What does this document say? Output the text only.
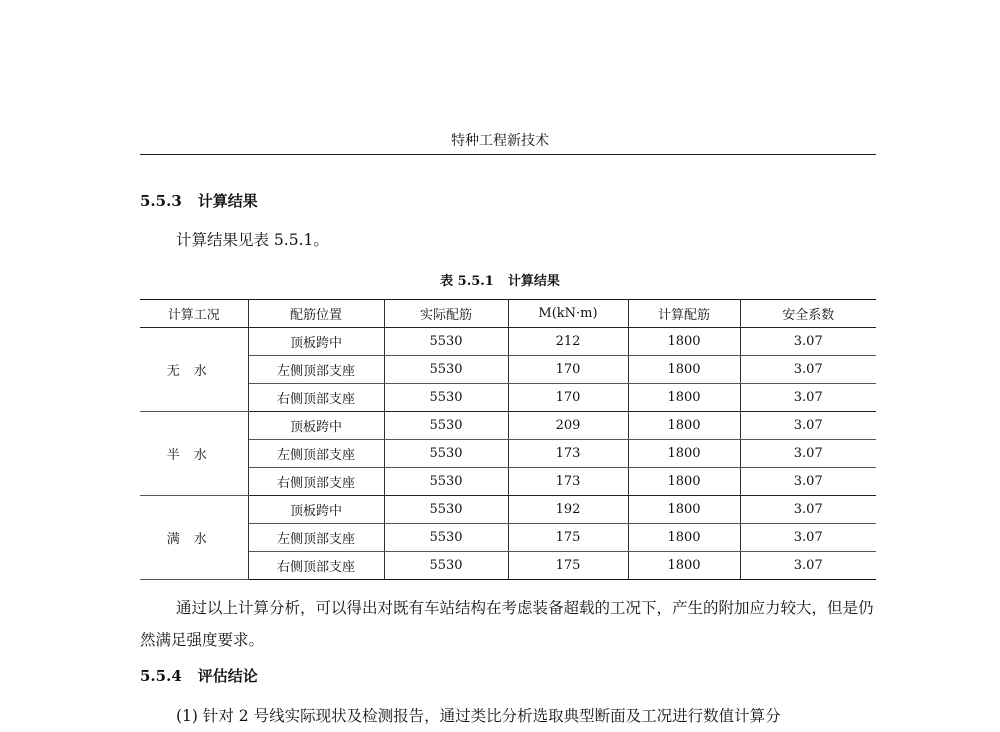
特种工程新技术
5.5.3 计算结果
计算结果见表 5.5.1。
表 5.5.1 计算结果
计算工况	配筋位置	实际配筋	M(kN·m)	计算配筋	安全系数
无水	顶板跨中	5530	212	1800	3.07
	左侧顶部支座	5530	170	1800	3.07
	右侧顶部支座	5530	170	1800	3.07
半水	顶板跨中	5530	209	1800	3.07
	左侧顶部支座	5530	173	1800	3.07
	右侧顶部支座	5530	173	1800	3.07
满水	顶板跨中	5530	192	1800	3.07
	左侧顶部支座	5530	175	1800	3.07
	右侧顶部支座	5530	175	1800	3.07
通过以上计算分析，可以得出对既有车站结构在考虑装备超载的工况下，产生的附加应力较大，但是仍然满足强度要求。
5.5.4 评估结论
(1) 针对 2 号线实际现状及检测报告，通过类比分析选取典型断面及工况进行数值计算分
